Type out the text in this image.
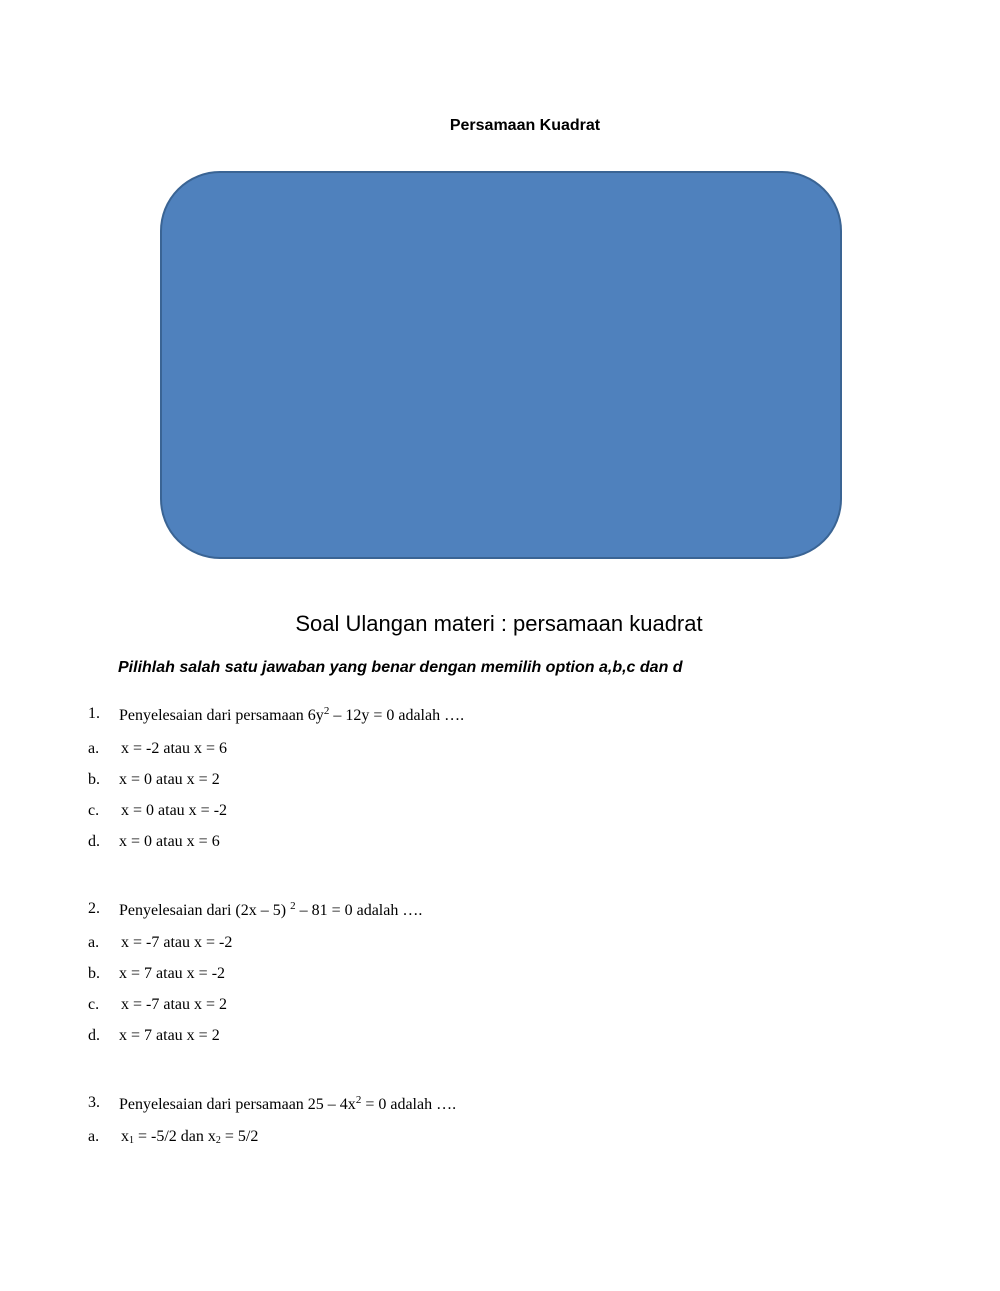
Persamaan Kuadrat
Soal Ulangan materi : persamaan kuadrat
Pilihlah salah satu jawaban yang benar dengan memilih option a,b,c dan d
1. Penyelesaian dari persamaan $6y^2 - 12y = 0$ adalah ….
a. x = -2 atau x = 6
b. x = 0 atau x = 2
c. x = 0 atau x = -2
d. x = 0 atau x = 6
2. Penyelesaian dari (2x – 5) $^2$ – 81 = 0 adalah ….
a. x = -7 atau x = -2
b. x = 7 atau x = -2
c. x = -7 atau x = 2
d. x = 7 atau x = 2
3. Penyelesaian dari persamaan $25 - 4x^2 = 0$ adalah ….
a. $x_1 = -5/2$ dan $x_2 = 5/2$
